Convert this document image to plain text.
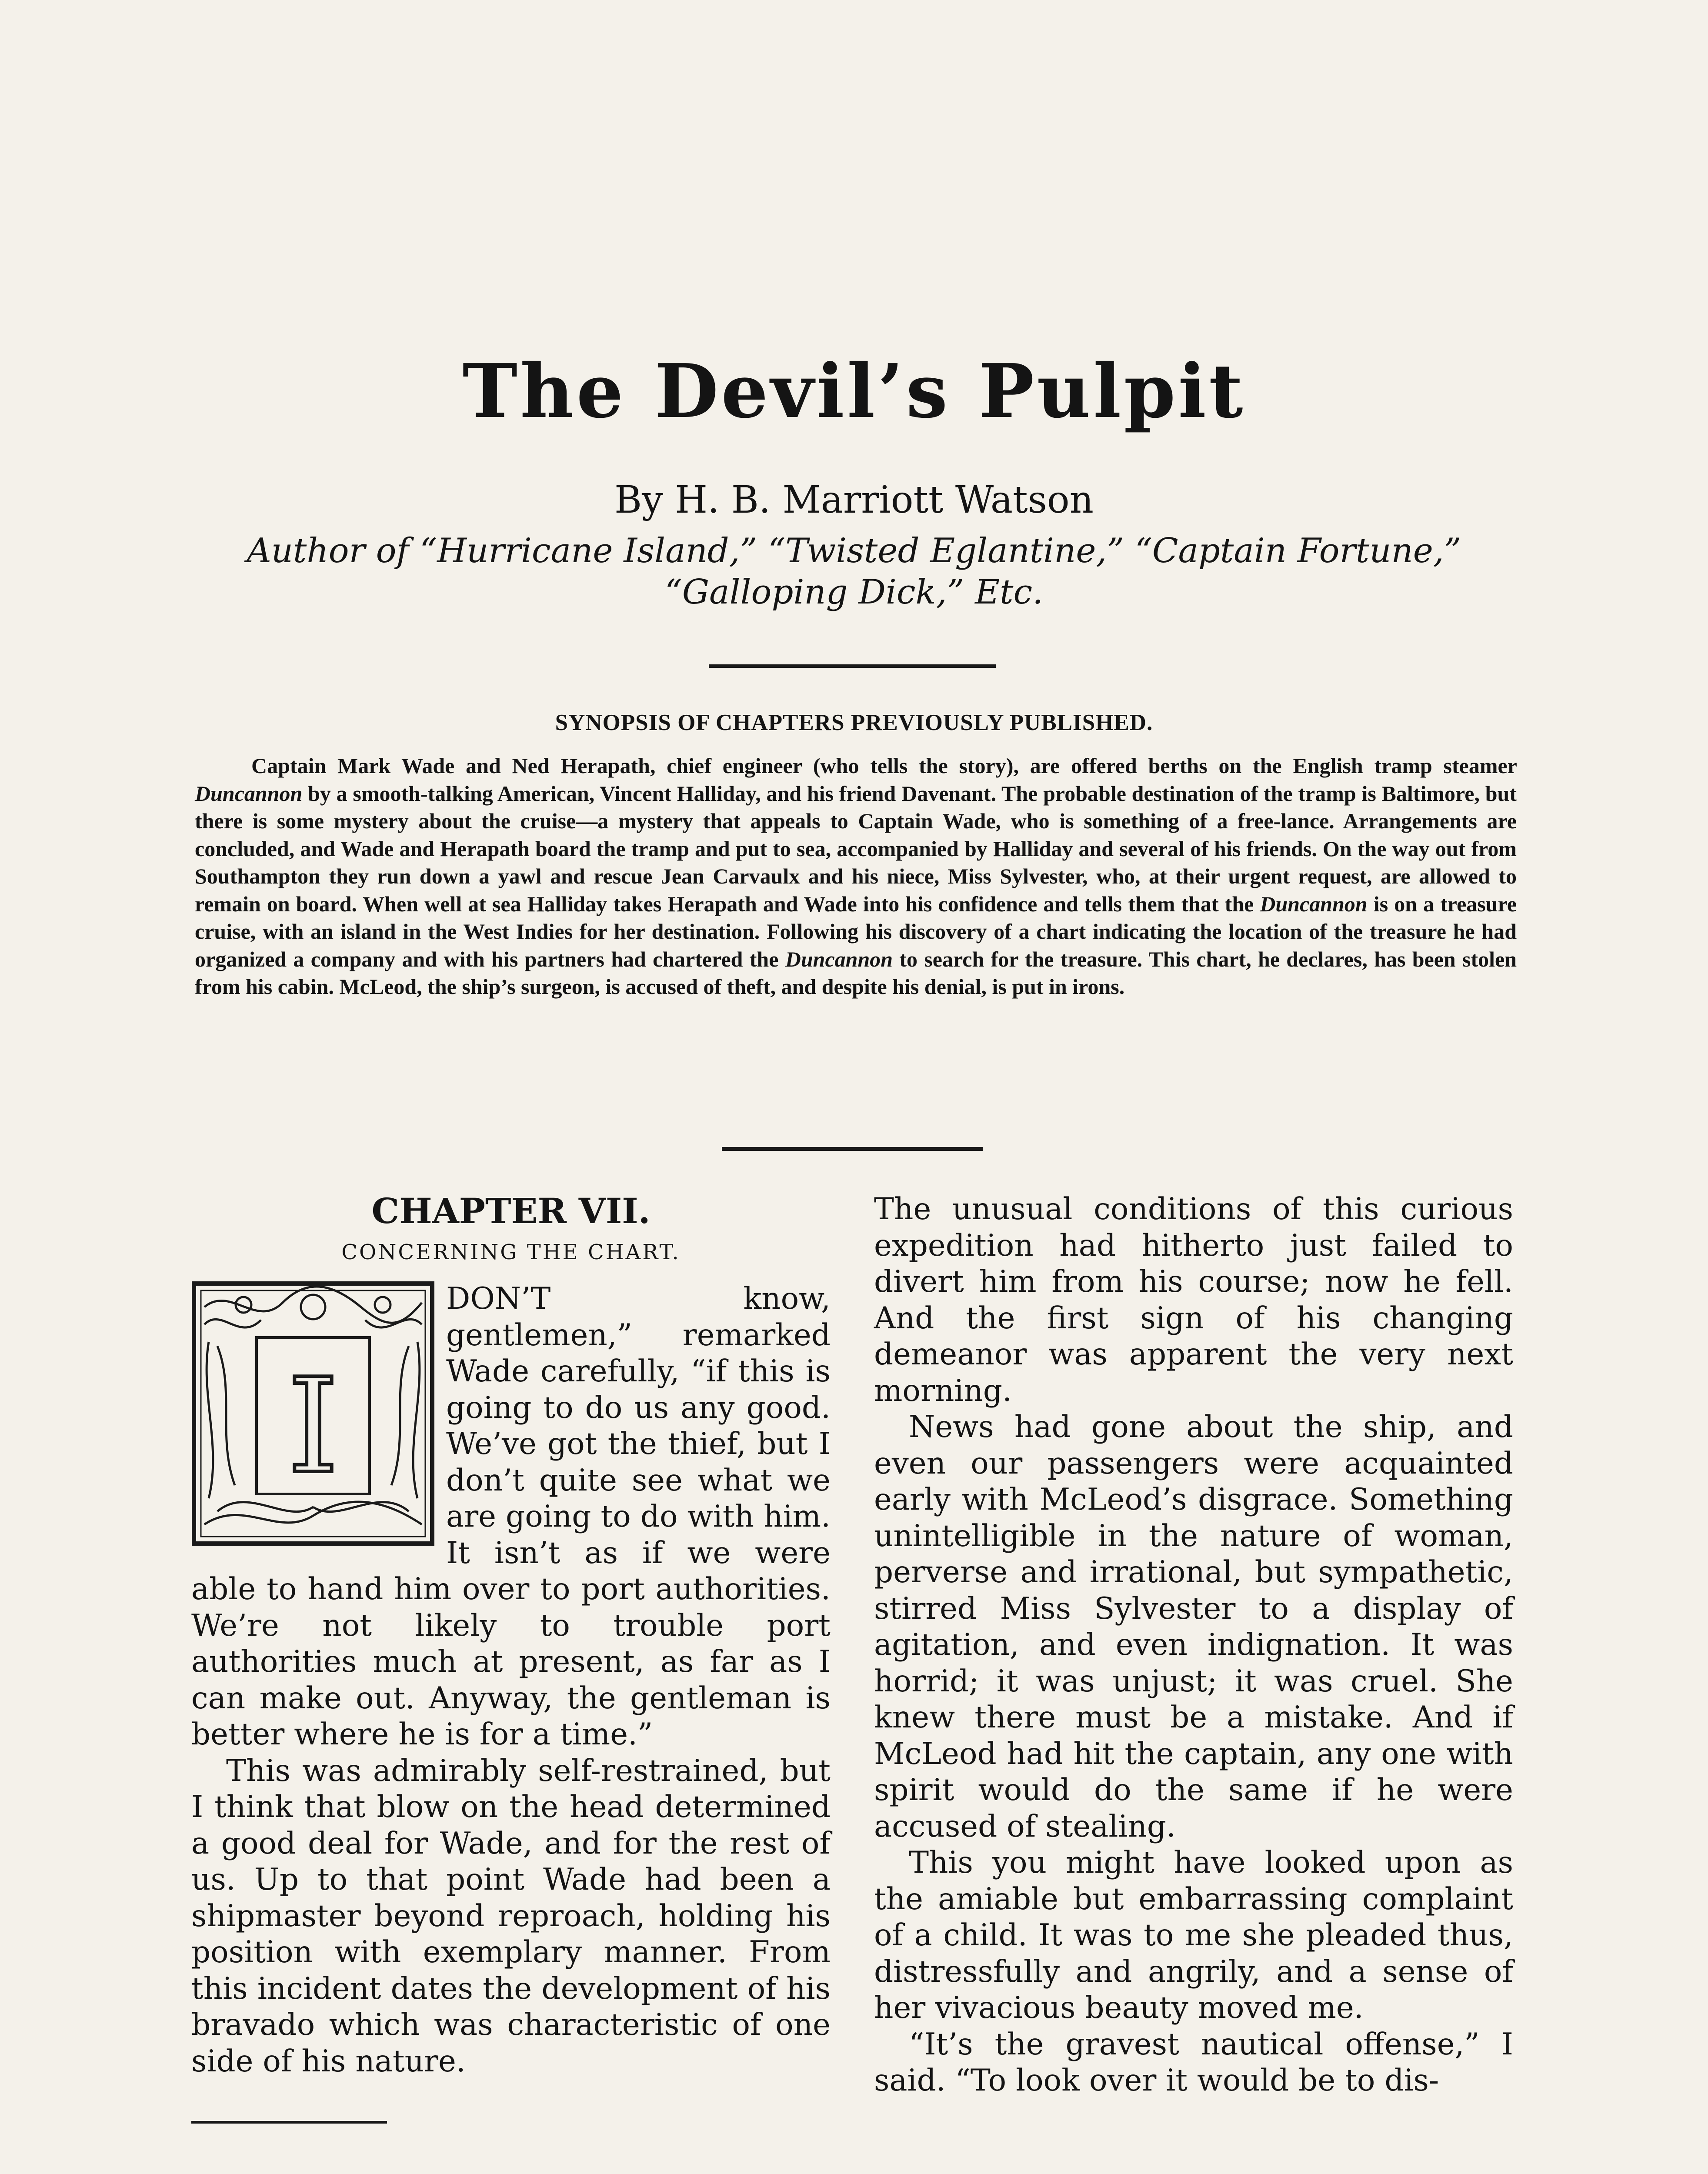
The Devil’s Pulpit
By H. B. Marriott Watson
Author of “Hurricane Island,” “Twisted Eglantine,” “Captain Fortune,”
“Galloping Dick,” Etc.
SYNOPSIS OF CHAPTERS PREVIOUSLY PUBLISHED.

Captain Mark Wade and Ned Herapath, chief engineer (who tells the story), are offered berths on the English tramp steamer Duncannon by a smooth-talking American, Vincent Halliday, and his friend Davenant. The probable destination of the tramp is Baltimore, but there is some mystery about the cruise—a mystery that appeals to Captain Wade, who is something of a free-lance. Arrangements are concluded, and Wade and Herapath board the tramp and put to sea, accompanied by Halliday and several of his friends. On the way out from Southampton they run down a yawl and rescue Jean Carvaulx and his niece, Miss Sylvester, who, at their urgent request, are allowed to remain on board. When well at sea Halliday takes Herapath and Wade into his confidence and tells them that the Duncannon is on a treasure cruise, with an island in the West Indies for her destination. Following his discovery of a chart indicating the location of the treasure he had organized a company and with his partners had chartered the Duncannon to search for the treasure. This chart, he declares, has been stolen from his cabin. McLeod, the ship’s surgeon, is accused of theft, and despite his denial, is put in irons.

CHAPTER VII.
CONCERNING THE CHART.
I

DON’T know, gentlemen,” remarked Wade carefully, “if this is going to do us any good. We’ve got the thief, but I don’t quite see what we are going to do with him. It isn’t as if we were able to hand him over to port authorities. We’re not likely to trouble port authorities much at present, as far as I can make out. Anyway, the gentleman is better where he is for a time.”

This was admirably self-restrained, but I think that blow on the head determined a good deal for Wade, and for the rest of us. Up to that point Wade had been a shipmaster beyond reproach, holding his position with exemplary manner. From this incident dates the development of his bravado which was characteristic of one side of his nature.

The unusual conditions of this curious expedition had hitherto just failed to divert him from his course; now he fell. And the first sign of his changing demeanor was apparent the very next morning.

News had gone about the ship, and even our passengers were acquainted early with McLeod’s disgrace. Something unintelligible in the nature of woman, perverse and irrational, but sympathetic, stirred Miss Sylvester to a display of agitation, and even indignation. It was horrid; it was unjust; it was cruel. She knew there must be a mistake. And if McLeod had hit the captain, any one with spirit would do the same if he were accused of stealing.

This you might have looked upon as the amiable but embarrassing complaint of a child. It was to me she pleaded thus, distressfully and angrily, and a sense of her vivacious beauty moved me.

“It’s the gravest nautical offense,” I said. “To look over it would be to dis-
